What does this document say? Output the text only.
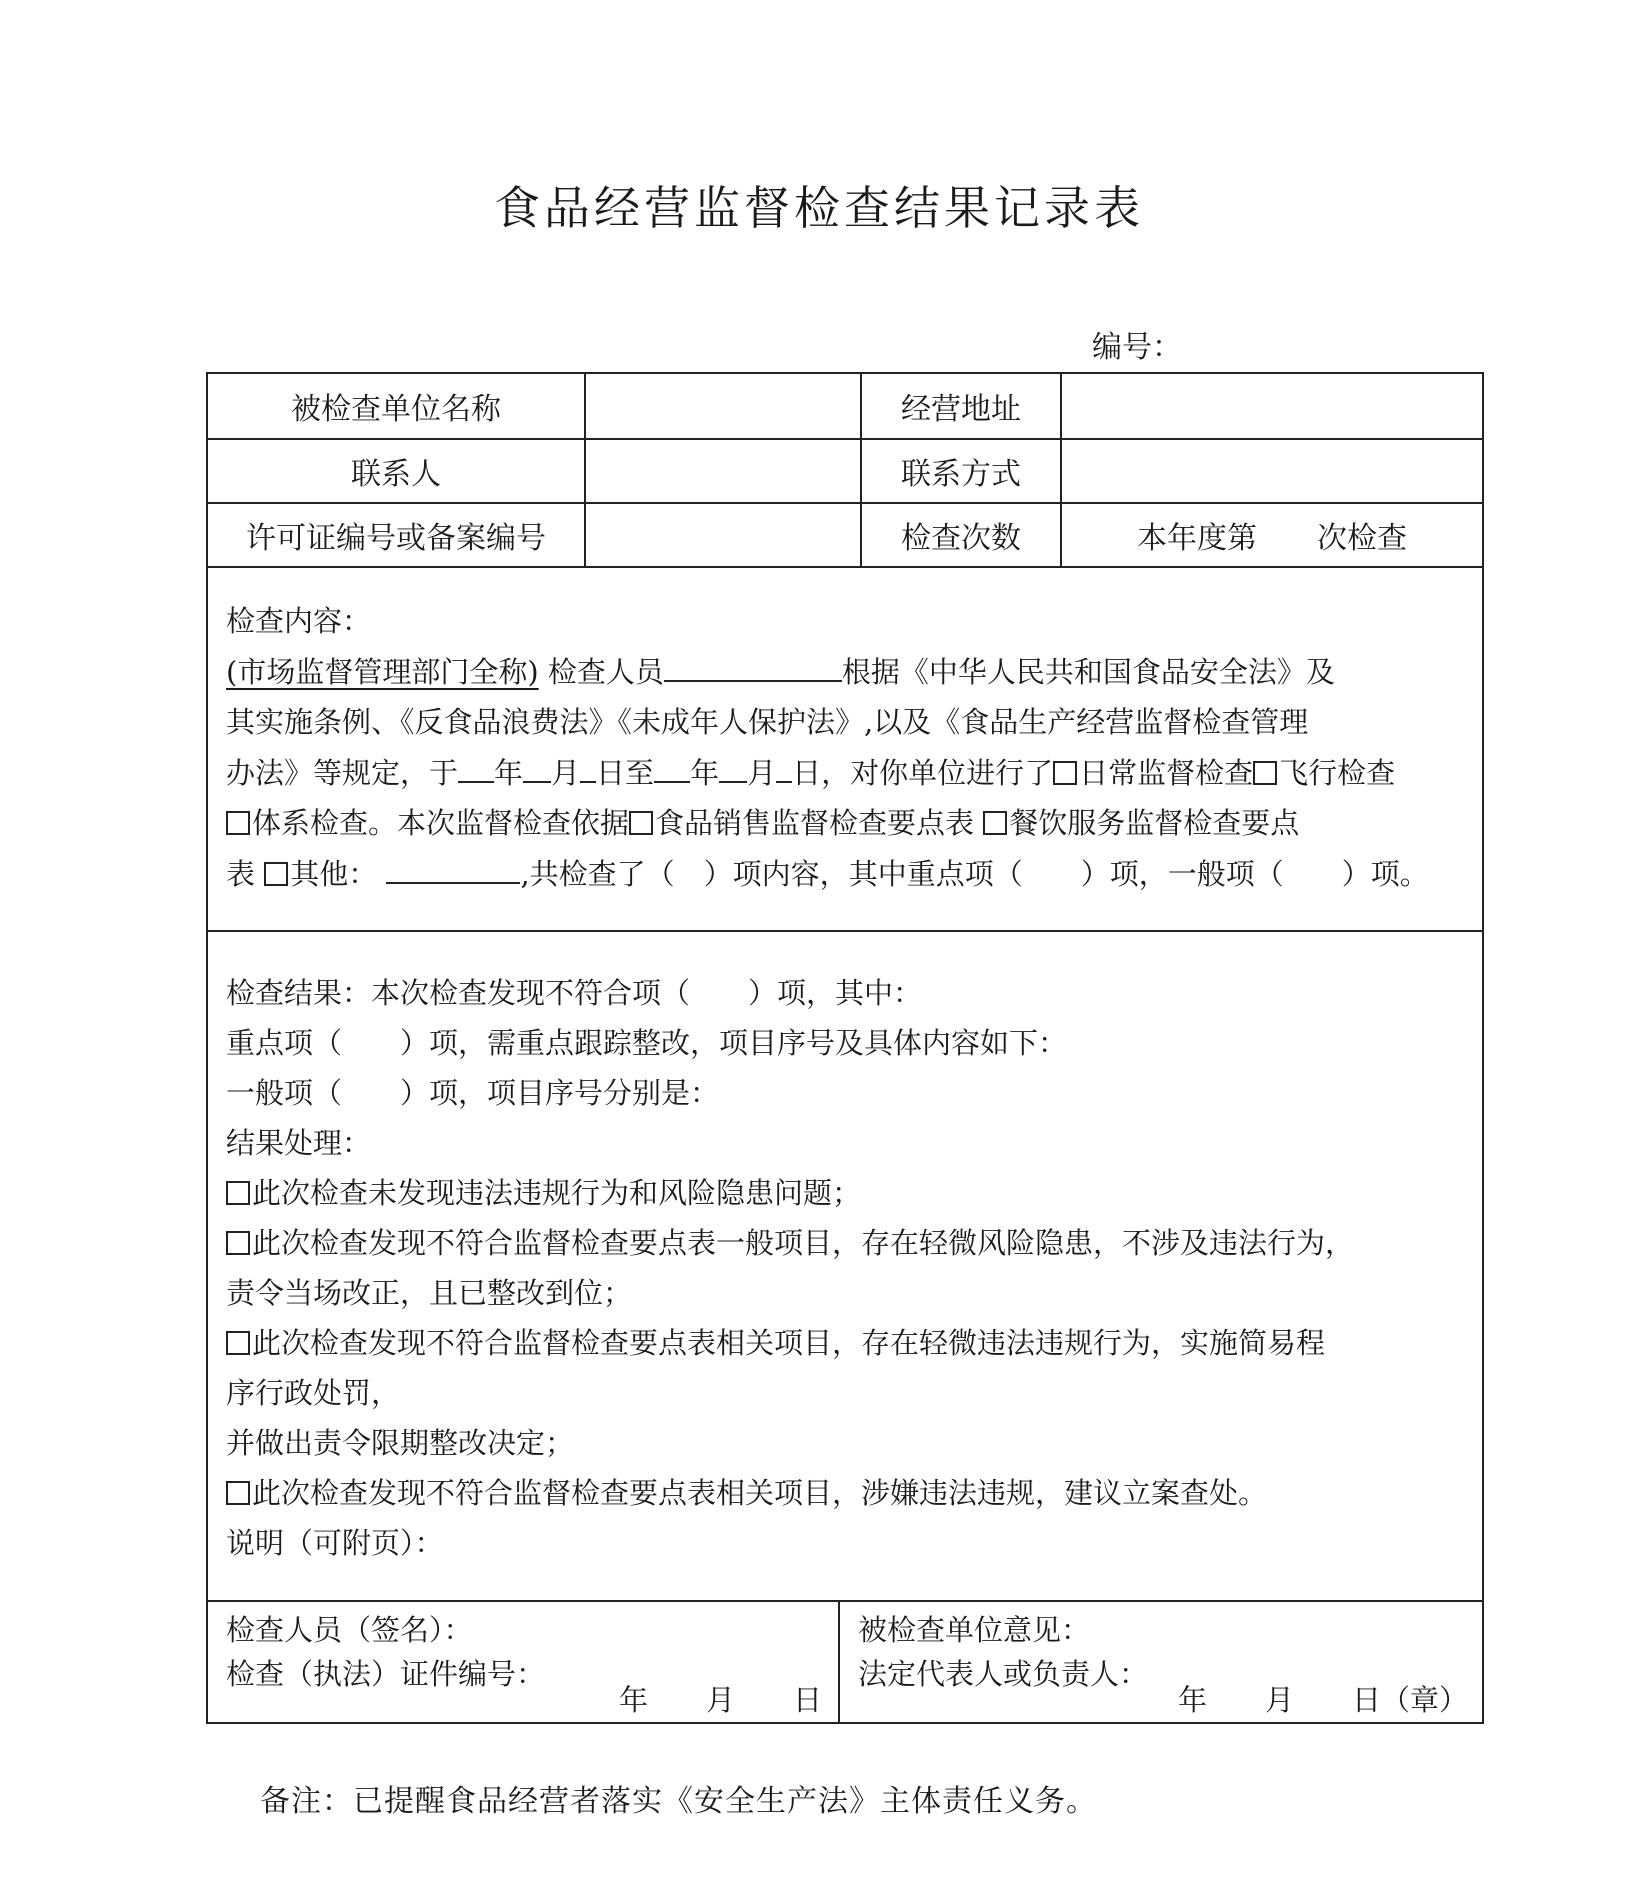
食品经营监督检查结果记录表
编号：
被检查单位名称	经营地址
联系人	联系方式
许可证编号或备案编号	检查次数	本年度第　　次检查
检查内容：
(市场监督管理部门全称) 检查人员	根据《中华人民共和国食品安全法》及
其实施条例、《反食品浪费法》《未成年人保护法》,以及《食品生产经营监督检查管理
办法》等规定，于 年 月 日至 年 月 日，对你单位进行了 日常监督检查 飞行检查
体系检查。本次监督检查依据 食品销售监督检查要点表 餐饮服务监督检查要点
表 其他：	,共检查了（　）项内容，其中重点项（　　）项，一般项（　　）项。
检查结果：本次检查发现不符合项（　　）项，其中：
重点项（　　）项，需重点跟踪整改，项目序号及具体内容如下：
一般项（　　）项，项目序号分别是：
结果处理：
此次检查未发现违法违规行为和风险隐患问题；
此次检查发现不符合监督检查要点表一般项目，存在轻微风险隐患，不涉及违法行为，
责令当场改正，且已整改到位；
此次检查发现不符合监督检查要点表相关项目，存在轻微违法违规行为，实施简易程
序行政处罚，
并做出责令限期整改决定；
此次检查发现不符合监督检查要点表相关项目，涉嫌违法违规，建议立案查处。
说明（可附页）：
检查人员（签名）：
检查（执法）证件编号：
年　　月　　日
被检查单位意见：
法定代表人或负责人：
年　　月　　日（章）
备注：已提醒食品经营者落实《安全生产法》主体责任义务。
